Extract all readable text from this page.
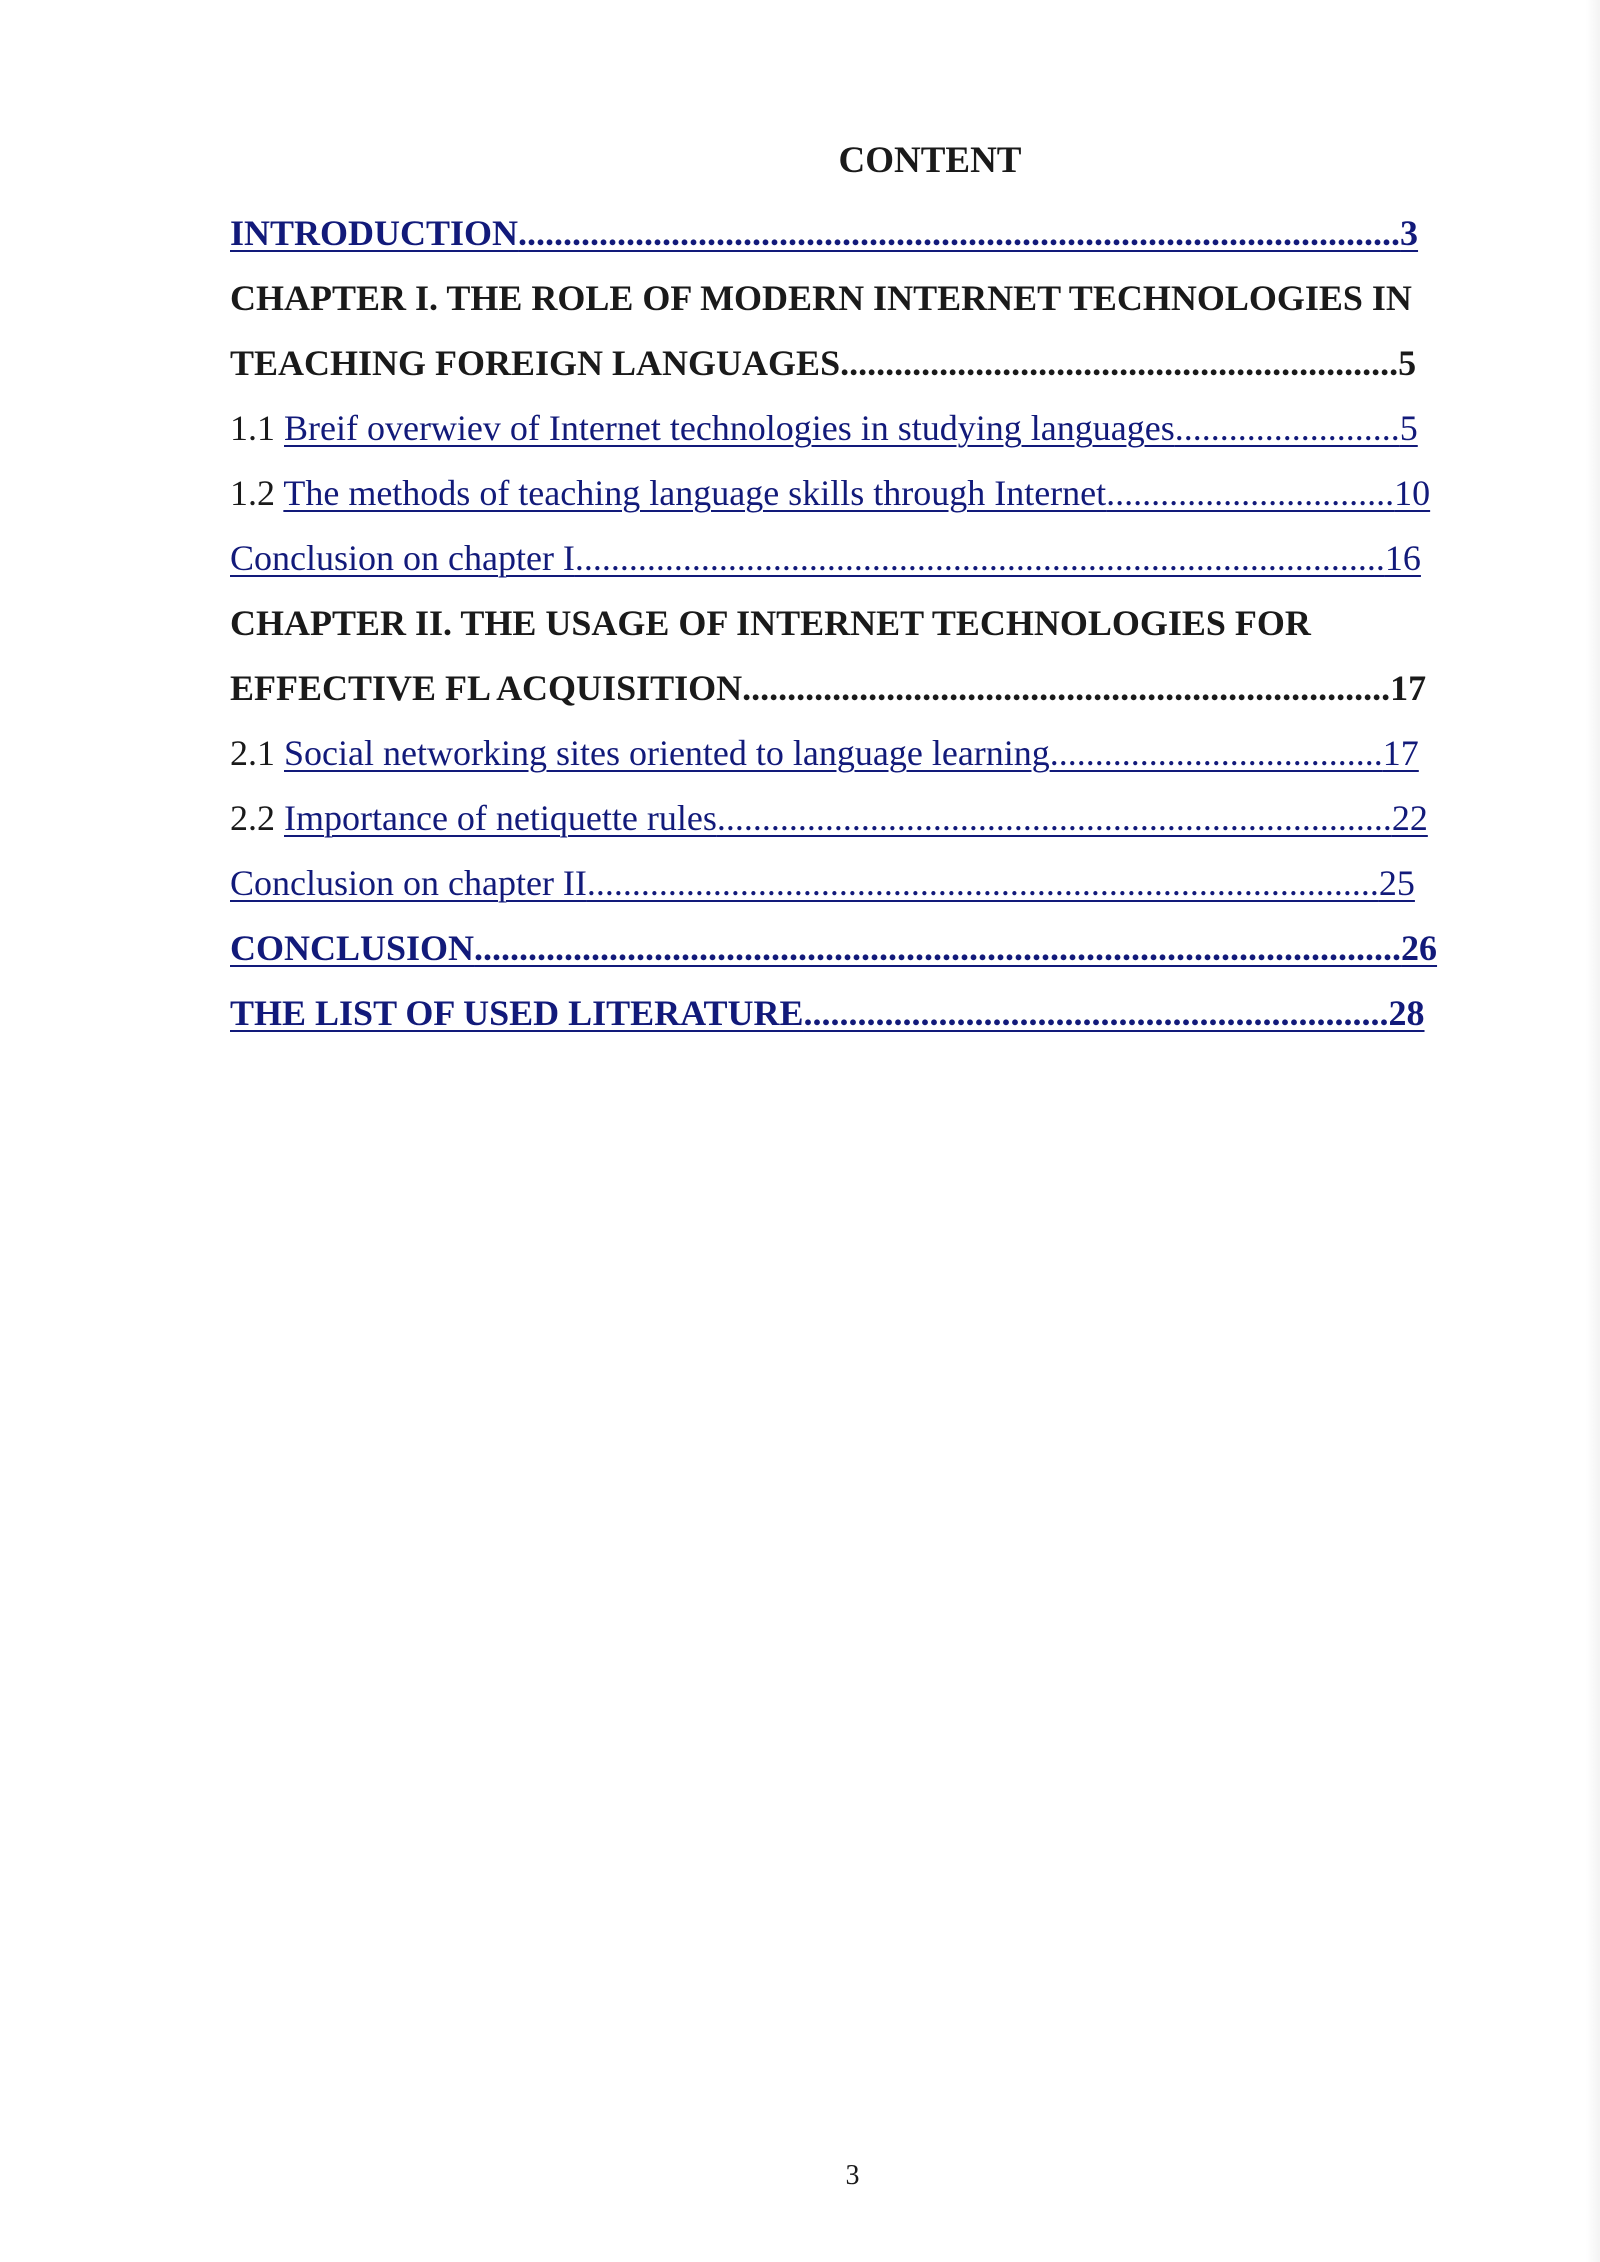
CONTENT
INTRODUCTION..................................................................................................3
CHAPTER I. THE ROLE OF MODERN INTERNET TECHNOLOGIES IN
TEACHING FOREIGN LANGUAGES..............................................................5
1.1 Breif overwiev of Internet technologies in studying languages.........................5
1.2 The methods of teaching language skills through Internet................................10
Conclusion on chapter I..........................................................................................16
CHAPTER II. THE USAGE OF INTERNET TECHNOLOGIES FOR
EFFECTIVE FL ACQUISITION........................................................................17
2.1 Social networking sites oriented to language learning.....................................17
2.2 Importance of netiquette rules...........................................................................22
Conclusion on chapter II........................................................................................25
CONCLUSION.......................................................................................................26
THE LIST OF USED LITERATURE.................................................................28
3
